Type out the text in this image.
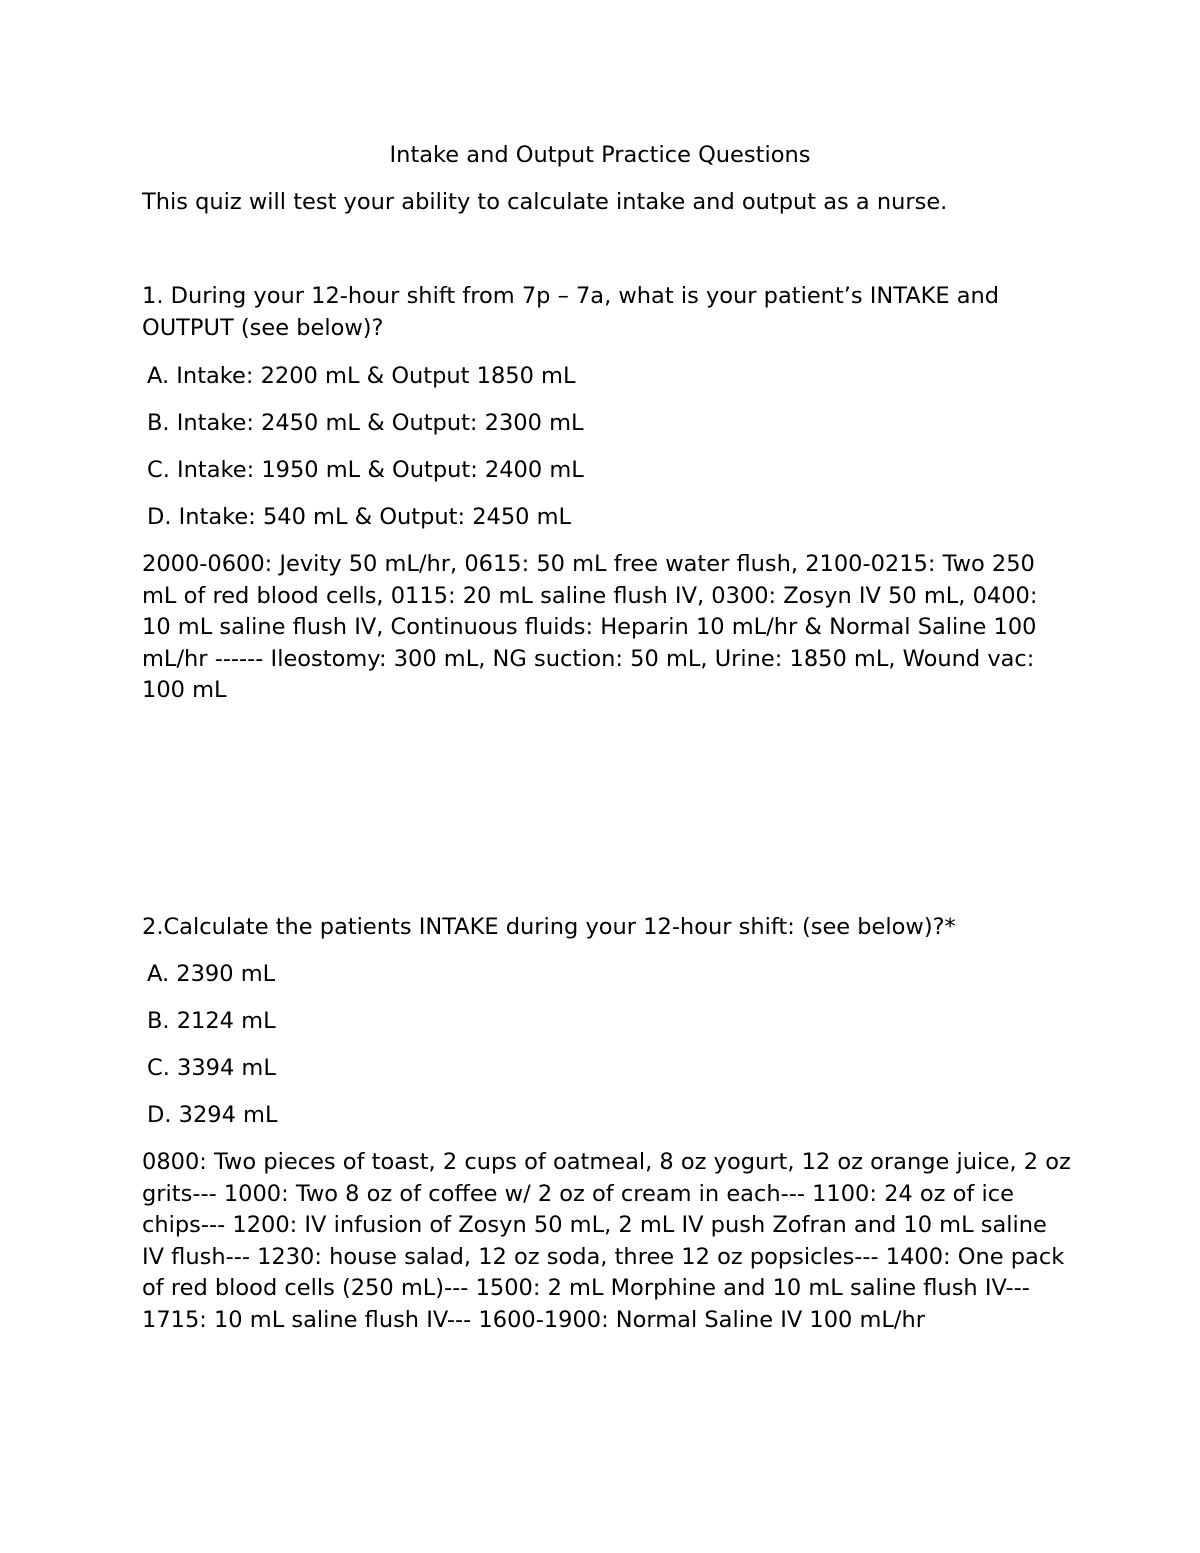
Intake and Output Practice Questions

This quiz will test your ability to calculate intake and output as a nurse.

1. During your 12-hour shift from 7p – 7a, what is your patient’s INTAKE and OUTPUT (see below)?

A. Intake: 2200 mL & Output 1850 mL

B. Intake: 2450 mL & Output: 2300 mL

C. Intake: 1950 mL & Output: 2400 mL

D. Intake: 540 mL & Output: 2450 mL

2000-0600: Jevity 50 mL/hr, 0615: 50 mL free water flush, 2100-0215: Two 250 mL of red blood cells, 0115: 20 mL saline flush IV, 0300: Zosyn IV 50 mL, 0400: 10 mL saline flush IV, Continuous fluids: Heparin 10 mL/hr & Normal Saline 100 mL/hr ------ Ileostomy: 300 mL, NG suction: 50 mL, Urine: 1850 mL, Wound vac: 100 mL

2.Calculate the patients INTAKE during your 12-hour shift: (see below)?*

A. 2390 mL

B. 2124 mL

C. 3394 mL

D. 3294 mL

0800: Two pieces of toast, 2 cups of oatmeal, 8 oz yogurt, 12 oz orange juice, 2 oz grits--- 1000: Two 8 oz of coffee w/ 2 oz of cream in each--- 1100: 24 oz of ice chips--- 1200: IV infusion of Zosyn 50 mL, 2 mL IV push Zofran and 10 mL saline IV flush--- 1230: house salad, 12 oz soda, three 12 oz popsicles--- 1400: One pack of red blood cells (250 mL)--- 1500: 2 mL Morphine and 10 mL saline flush IV--- 1715: 10 mL saline flush IV--- 1600-1900: Normal Saline IV 100 mL/hr
